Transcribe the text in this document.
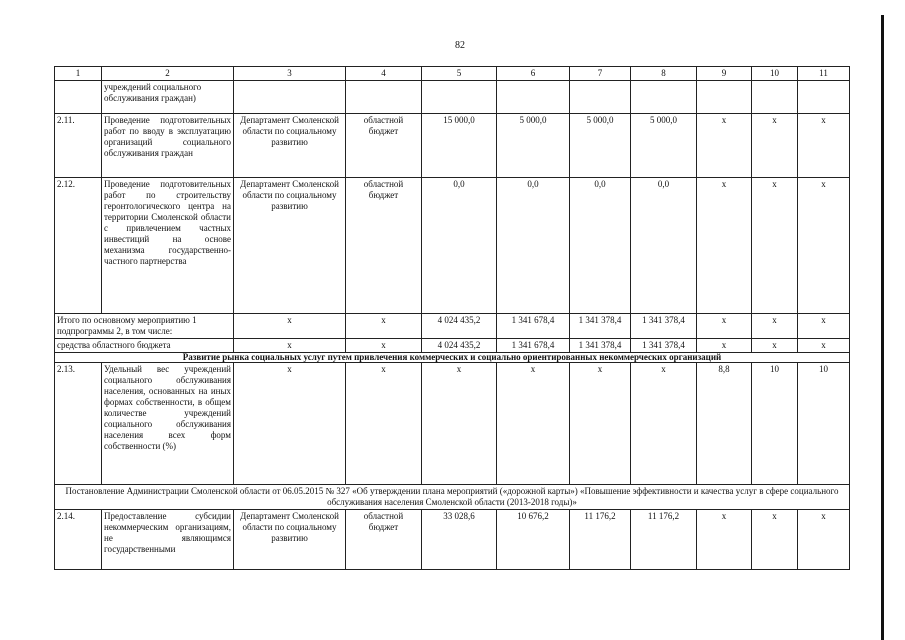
82
1	2	3	4	5	6	7	8	9	10	11
	учреждений социального обслуживания граждан)									
2.11.	Проведение подготовительных работ по вводу в эксплуатацию организаций социального обслуживания граждан	Департамент Смоленской области по социальному развитию	областной бюджет	15 000,0	5 000,0	5 000,0	5 000,0	x	x	x
2.12.	Проведение подготовительных работ по строительству геронтологического центра на территории Смоленской области с привлечением частных инвестиций на основе механизма государственно-частного партнерства	Департамент Смоленской области по социальному развитию	областной бюджет	0,0	0,0	0,0	0,0	x	x	x
Итого по основному мероприятию 1 подпрограммы 2, в том числе:		x	x	4 024 435,2	1 341 678,4	1 341 378,4	1 341 378,4	x	x	x
средства областного бюджета		x	x	4 024 435,2	1 341 678,4	1 341 378,4	1 341 378,4	x	x	x
Развитие рынка социальных услуг путем привлечения коммерческих и социально ориентированных некоммерческих организаций										
2.13.	Удельный вес учреждений социального обслуживания населения, основанных на иных формах собственности, в общем количестве учреждений социального обслуживания населения всех форм собственности (%)	x	x	x	x	x	x	8,8	10	10
Постановление Администрации Смоленской области от 06.05.2015 № 327 «Об утверждении плана мероприятий («дорожной карты») «Повышение эффективности и качества услуг в сфере социального обслуживания населения Смоленской области (2013-2018 годы)»										
2.14.	Предоставление субсидии некоммерческим организациям, не являющимся государственными	Департамент Смоленской области по социальному развитию	областной бюджет	33 028,6	10 676,2	11 176,2	11 176,2	x	x	x
